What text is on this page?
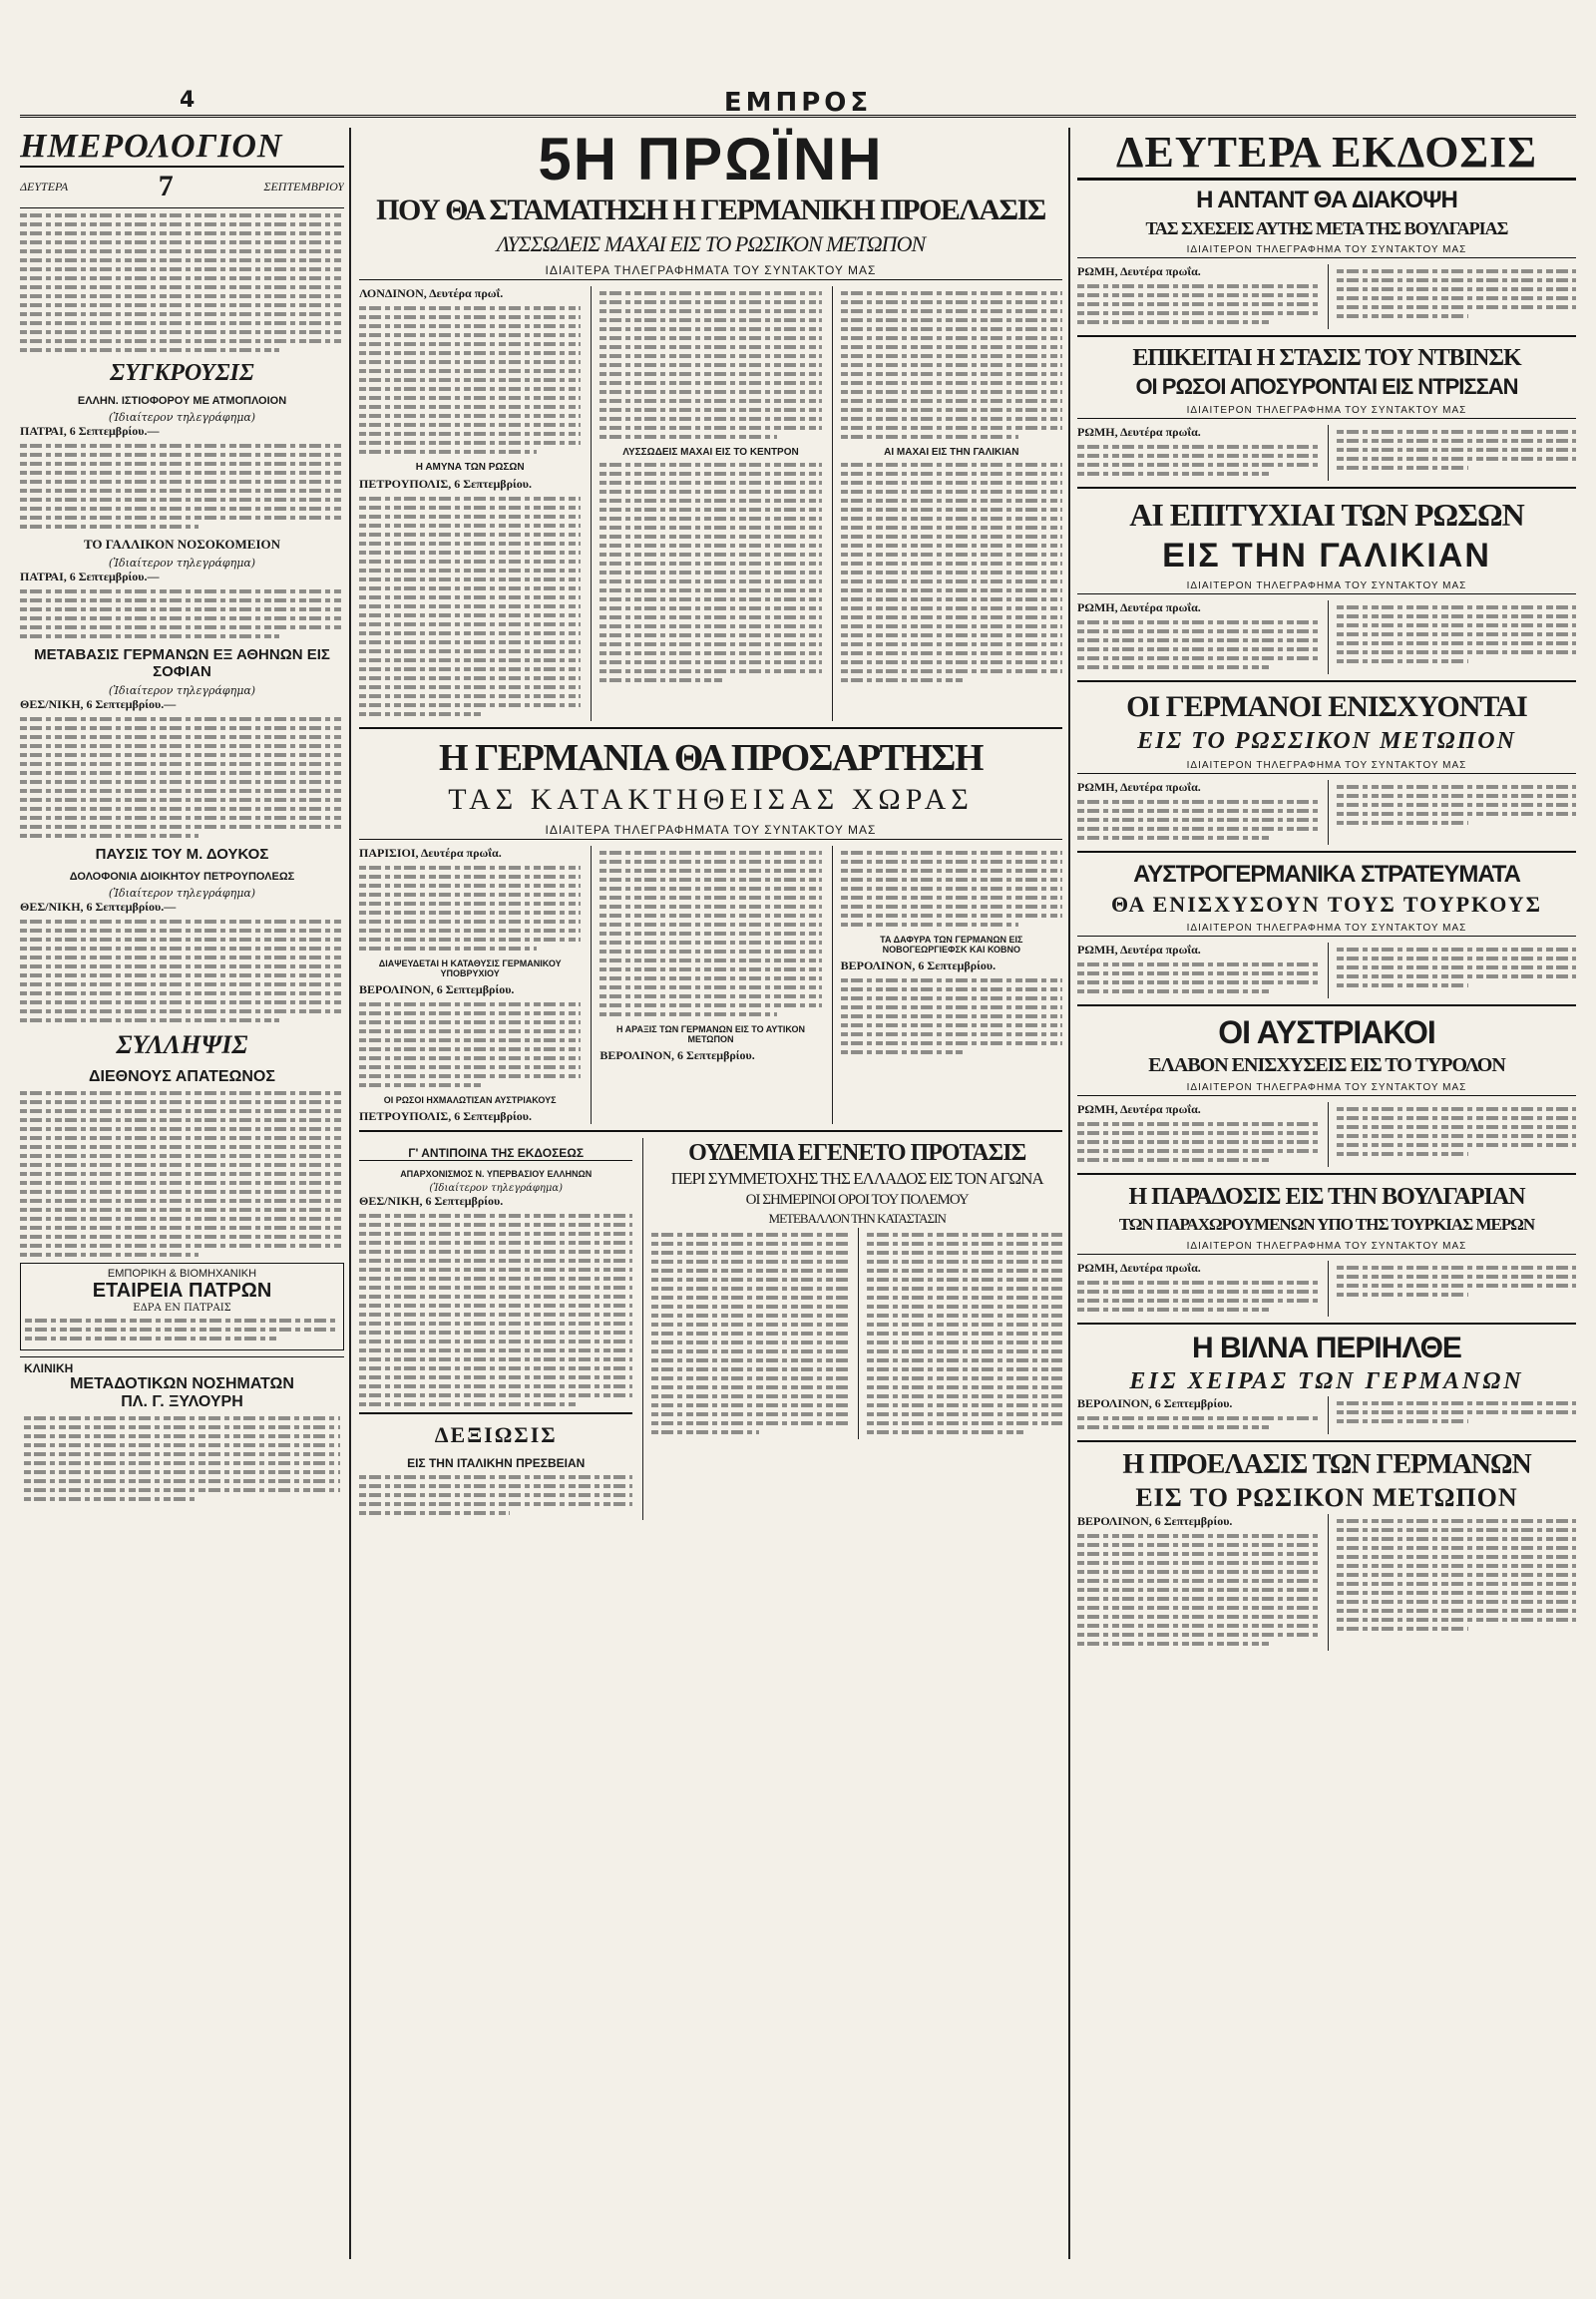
4	ΕΜΠΡΟΣ
ΗΜΕΡΟΛΟΓΙΟΝ
ΔΕΥΤΕΡΑ	7	ΣΕΠΤΕΜΒΡΙΟΥ
ΣΥΓΚΡΟΥΣΙΣ
ΕΛΛΗΝ. ΙΣΤΙΟΦΟΡΟΥ ΜΕ ΑΤΜΟΠΛΟΙΟΝ
(Ἰδιαίτερον τηλεγράφημα)
ΠΑΤΡΑΙ, 6 Σεπτεμβρίου.—
ΤΟ ΓΑΛΛΙΚΟΝ ΝΟΣΟΚΟΜΕΙΟΝ
(Ἰδιαίτερον τηλεγράφημα)
ΠΑΤΡΑΙ, 6 Σεπτεμβρίου.—
ΜΕΤΑΒΑΣΙΣ ΓΕΡΜΑΝΩΝ ΕΞ ΑΘΗΝΩΝ ΕΙΣ ΣΟΦΙΑΝ
(Ἰδιαίτερον τηλεγράφημα)
ΘΕΣ/ΝΙΚΗ, 6 Σεπτεμβρίου.—
ΠΑΥΣΙΣ ΤΟΥ Μ. ΔΟΥΚΟΣ
ΔΟΛΟΦΟΝΙΑ ΔΙΟΙΚΗΤΟΥ ΠΕΤΡΟΥΠΟΛΕΩΣ
(Ἰδιαίτερον τηλεγράφημα)
ΘΕΣ/ΝΙΚΗ, 6 Σεπτεμβρίου.—
ΣΥΛΛΗΨΙΣ
ΔΙΕΘΝΟΥΣ ΑΠΑΤΕΩΝΟΣ
ΕΜΠΟΡΙΚΗ & ΒΙΟΜΗΧΑΝΙΚΗ
ΕΤΑΙΡΕΙΑ ΠΑΤΡΩΝ
ΕΔΡΑ ΕΝ ΠΑΤΡΑΙΣ
ΚΛΙΝΙΚΗ
ΜΕΤΑΔΟΤΙΚΩΝ ΝΟΣΗΜΑΤΩΝ
ΠΛ. Γ. ΞΥΛΟΥΡΗ
5Η ΠΡΩΪΝΗ
ΠΟΥ ΘΑ ΣΤΑΜΑΤΗΣΗ Η ΓΕΡΜΑΝΙΚΗ ΠΡΟΕΛΑΣΙΣ
ΛΥΣΣΩΔΕΙΣ ΜΑΧΑΙ ΕΙΣ ΤΟ ΡΩΣΙΚΟΝ ΜΕΤΩΠΟΝ
ΙΔΙΑΙΤΕΡΑ ΤΗΛΕΓΡΑΦΗΜΑΤΑ ΤΟΥ ΣΥΝΤΑΚΤΟΥ ΜΑΣ
ΛΟΝΔΙΝΟΝ, Δευτέρα πρωΐ.
Η ΑΜΥΝΑ ΤΩΝ ΡΩΣΩΝ
ΠΕΤΡΟΥΠΟΛΙΣ, 6 Σεπτεμβρίου.
ΛΥΣΣΩΔΕΙΣ ΜΑΧΑΙ ΕΙΣ ΤΟ ΚΕΝΤΡΟΝ	ΑΙ ΜΑΧΑΙ ΕΙΣ ΤΗΝ ΓΑΛΙΚΙΑΝ
Η ΓΕΡΜΑΝΙΑ ΘΑ ΠΡΟΣΑΡΤΗΣΗ
ΤΑΣ ΚΑΤΑΚΤΗΘΕΙΣΑΣ ΧΩΡΑΣ
ΙΔΙΑΙΤΕΡΑ ΤΗΛΕΓΡΑΦΗΜΑΤΑ ΤΟΥ ΣΥΝΤΑΚΤΟΥ ΜΑΣ
ΠΑΡΙΣΙΟΙ, Δευτέρα πρωΐα.
ΔΙΑΨΕΥΔΕΤΑΙ Η ΚΑΤΑΘΥΣΙΣ ΓΕΡΜΑΝΙΚΟΥ ΥΠΟΒΡΥΧΙΟΥ
ΒΕΡΟΛΙΝΟΝ, 6 Σεπτεμβρίου.
ΟΙ ΡΩΣΟΙ ΗΧΜΑΛΩΤΙΣΑΝ ΑΥΣΤΡΙΑΚΟΥΣ
ΠΕΤΡΟΥΠΟΛΙΣ, 6 Σεπτεμβρίου.
Η ΑΡΑΞΙΣ ΤΩΝ ΓΕΡΜΑΝΩΝ ΕΙΣ ΤΟ ΑΥΤΙΚΟΝ ΜΕΤΩΠΟΝ
ΒΕΡΟΛΙΝΟΝ, 6 Σεπτεμβρίου.
ΤΑ ΔΑΦΥΡΑ ΤΩΝ ΓΕΡΜΑΝΩΝ ΕΙΣ ΝΟΒΟΓΕΩΡΓΙΕΦΣΚ ΚΑΙ ΚΟΒΝΟ
ΒΕΡΟΛΙΝΟΝ, 6 Σεπτεμβρίου.
Γ' ΑΝΤΙΠΟΙΝΑ ΤΗΣ ΕΚΔΟΣΕΩΣ
ΑΠΑΡΧΟΝΙΣΜΟΣ Ν. ΥΠΕΡΒΑΣΙΟΥ ΕΛΛΗΝΩΝ
(Ἰδιαίτερον τηλεγράφημα)
ΘΕΣ/ΝΙΚΗ, 6 Σεπτεμβρίου.
ΔΕΞΙΩΣΙΣ
ΕΙΣ ΤΗΝ ΙΤΑΛΙΚΗΝ ΠΡΕΣΒΕΙΑΝ
ΟΥΔΕΜΙΑ ΕΓΕΝΕΤΟ ΠΡΟΤΑΣΙΣ
ΠΕΡΙ ΣΥΜΜΕΤΟΧΗΣ ΤΗΣ ΕΛΛΑΔΟΣ ΕΙΣ ΤΟΝ ΑΓΩΝΑ
ΟΙ ΣΗΜΕΡΙΝΟΙ ΟΡΟΙ ΤΟΥ ΠΟΛΕΜΟΥ
ΜΕΤΕΒΑΛΛΟΝ ΤΗΝ ΚΑΤΑΣΤΑΣΙΝ
ΔΕΥΤΕΡΑ ΕΚΔΟΣΙΣ
Η ΑΝΤΑΝΤ ΘΑ ΔΙΑΚΟΨΗ
ΤΑΣ ΣΧΕΣΕΙΣ ΑΥΤΗΣ ΜΕΤΑ ΤΗΣ ΒΟΥΛΓΑΡΙΑΣ
ΙΔΙΑΙΤΕΡΟΝ ΤΗΛΕΓΡΑΦΗΜΑ ΤΟΥ ΣΥΝΤΑΚΤΟΥ ΜΑΣ
ΡΩΜΗ, Δευτέρα πρωΐα.
ΕΠΙΚΕΙΤΑΙ Η ΣΤΑΣΙΣ ΤΟΥ ΝΤΒΙΝΣΚ
ΟΙ ΡΩΣΟΙ ΑΠΟΣΥΡΟΝΤΑΙ ΕΙΣ ΝΤΡΙΣΣΑΝ
ΙΔΙΑΙΤΕΡΟΝ ΤΗΛΕΓΡΑΦΗΜΑ ΤΟΥ ΣΥΝΤΑΚΤΟΥ ΜΑΣ
ΡΩΜΗ, Δευτέρα πρωΐα.
ΑΙ ΕΠΙΤΥΧΙΑΙ ΤΩΝ ΡΩΣΩΝ
ΕΙΣ ΤΗΝ ΓΑΛΙΚΙΑΝ
ΙΔΙΑΙΤΕΡΟΝ ΤΗΛΕΓΡΑΦΗΜΑ ΤΟΥ ΣΥΝΤΑΚΤΟΥ ΜΑΣ
ΡΩΜΗ, Δευτέρα πρωΐα.
ΟΙ ΓΕΡΜΑΝΟΙ ΕΝΙΣΧΥΟΝΤΑΙ
ΕΙΣ ΤΟ ΡΩΣΣΙΚΟΝ ΜΕΤΩΠΟΝ
ΙΔΙΑΙΤΕΡΟΝ ΤΗΛΕΓΡΑΦΗΜΑ ΤΟΥ ΣΥΝΤΑΚΤΟΥ ΜΑΣ
ΡΩΜΗ, Δευτέρα πρωΐα.
ΑΥΣΤΡΟΓΕΡΜΑΝΙΚΑ ΣΤΡΑΤΕΥΜΑΤΑ
ΘΑ ΕΝΙΣΧΥΣΟΥΝ ΤΟΥΣ ΤΟΥΡΚΟΥΣ
ΙΔΙΑΙΤΕΡΟΝ ΤΗΛΕΓΡΑΦΗΜΑ ΤΟΥ ΣΥΝΤΑΚΤΟΥ ΜΑΣ
ΡΩΜΗ, Δευτέρα πρωΐα.
ΟΙ ΑΥΣΤΡΙΑΚΟΙ
ΕΛΑΒΟΝ ΕΝΙΣΧΥΣΕΙΣ ΕΙΣ ΤΟ ΤΥΡΟΛΟΝ
ΙΔΙΑΙΤΕΡΟΝ ΤΗΛΕΓΡΑΦΗΜΑ ΤΟΥ ΣΥΝΤΑΚΤΟΥ ΜΑΣ
ΡΩΜΗ, Δευτέρα πρωΐα.
Η ΠΑΡΑΔΟΣΙΣ ΕΙΣ ΤΗΝ ΒΟΥΛΓΑΡΙΑΝ
ΤΩΝ ΠΑΡΑΧΩΡΟΥΜΕΝΩΝ ΥΠΟ ΤΗΣ ΤΟΥΡΚΙΑΣ ΜΕΡΩΝ
ΙΔΙΑΙΤΕΡΟΝ ΤΗΛΕΓΡΑΦΗΜΑ ΤΟΥ ΣΥΝΤΑΚΤΟΥ ΜΑΣ
ΡΩΜΗ, Δευτέρα πρωΐα.
Η ΒΙΛΝΑ ΠΕΡΙΗΛΘΕ
ΕΙΣ ΧΕΙΡΑΣ ΤΩΝ ΓΕΡΜΑΝΩΝ
ΒΕΡΟΛΙΝΟΝ, 6 Σεπτεμβρίου.
Η ΠΡΟΕΛΑΣΙΣ ΤΩΝ ΓΕΡΜΑΝΩΝ
ΕΙΣ ΤΟ ΡΩΣΙΚΟΝ ΜΕΤΩΠΟΝ
ΒΕΡΟΛΙΝΟΝ, 6 Σεπτεμβρίου.
